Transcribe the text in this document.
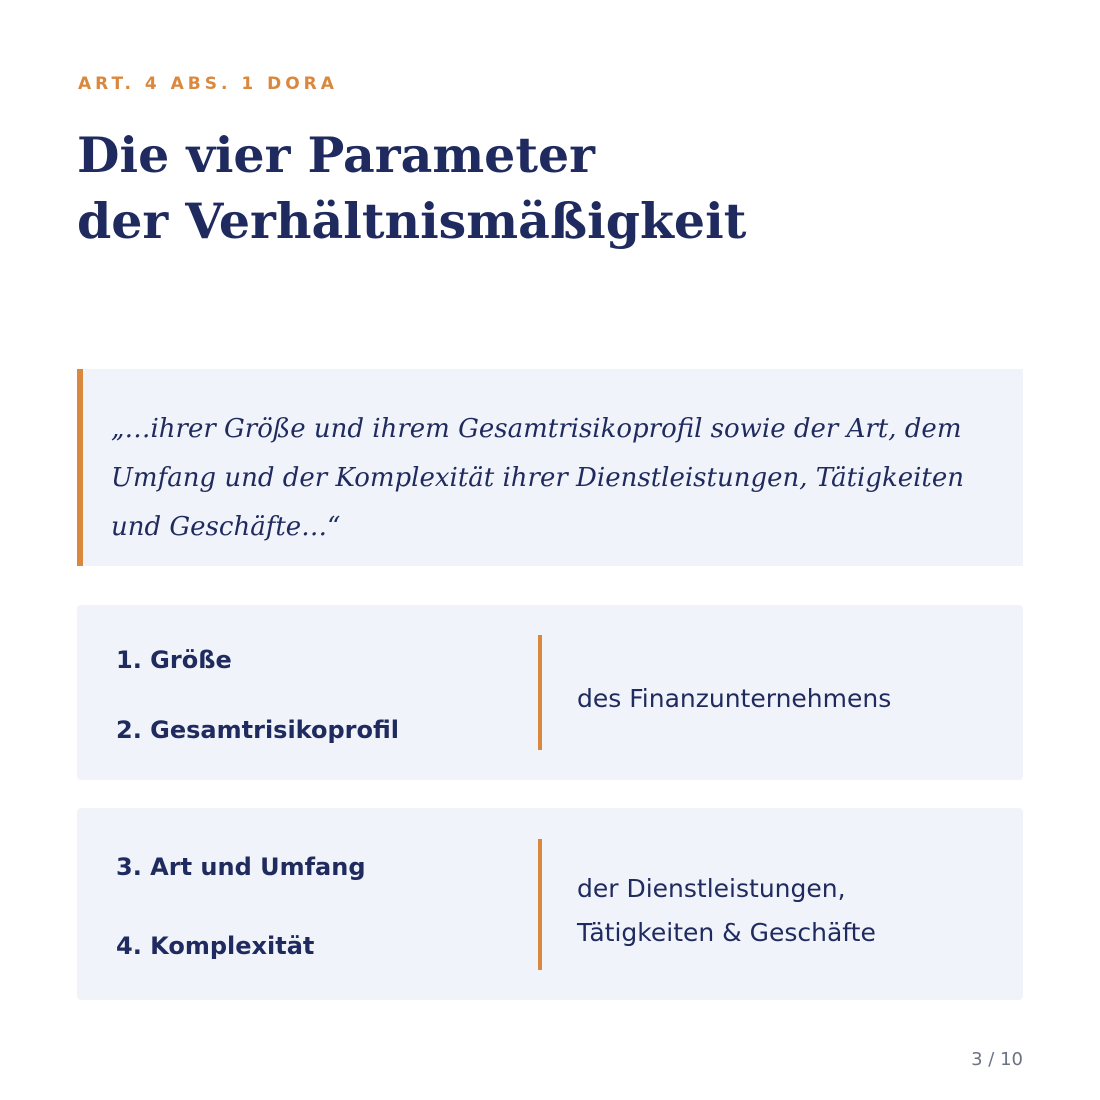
ART. 4 ABS. 1 DORA
Die vier Parameter
der Verhältnismäßigkeit

„…ihrer Größe und ihrem Gesamtrisikoprofil sowie der Art, dem Umfang und der Komplexität ihrer Dienstleistungen, Tätigkeiten und Geschäfte…“

1. Größe
2. Gesamtrisikoprofil
des Finanzunternehmens
3. Art und Umfang
4. Komplexität
der Dienstleistungen,
Tätigkeiten & Geschäfte
3 / 10
